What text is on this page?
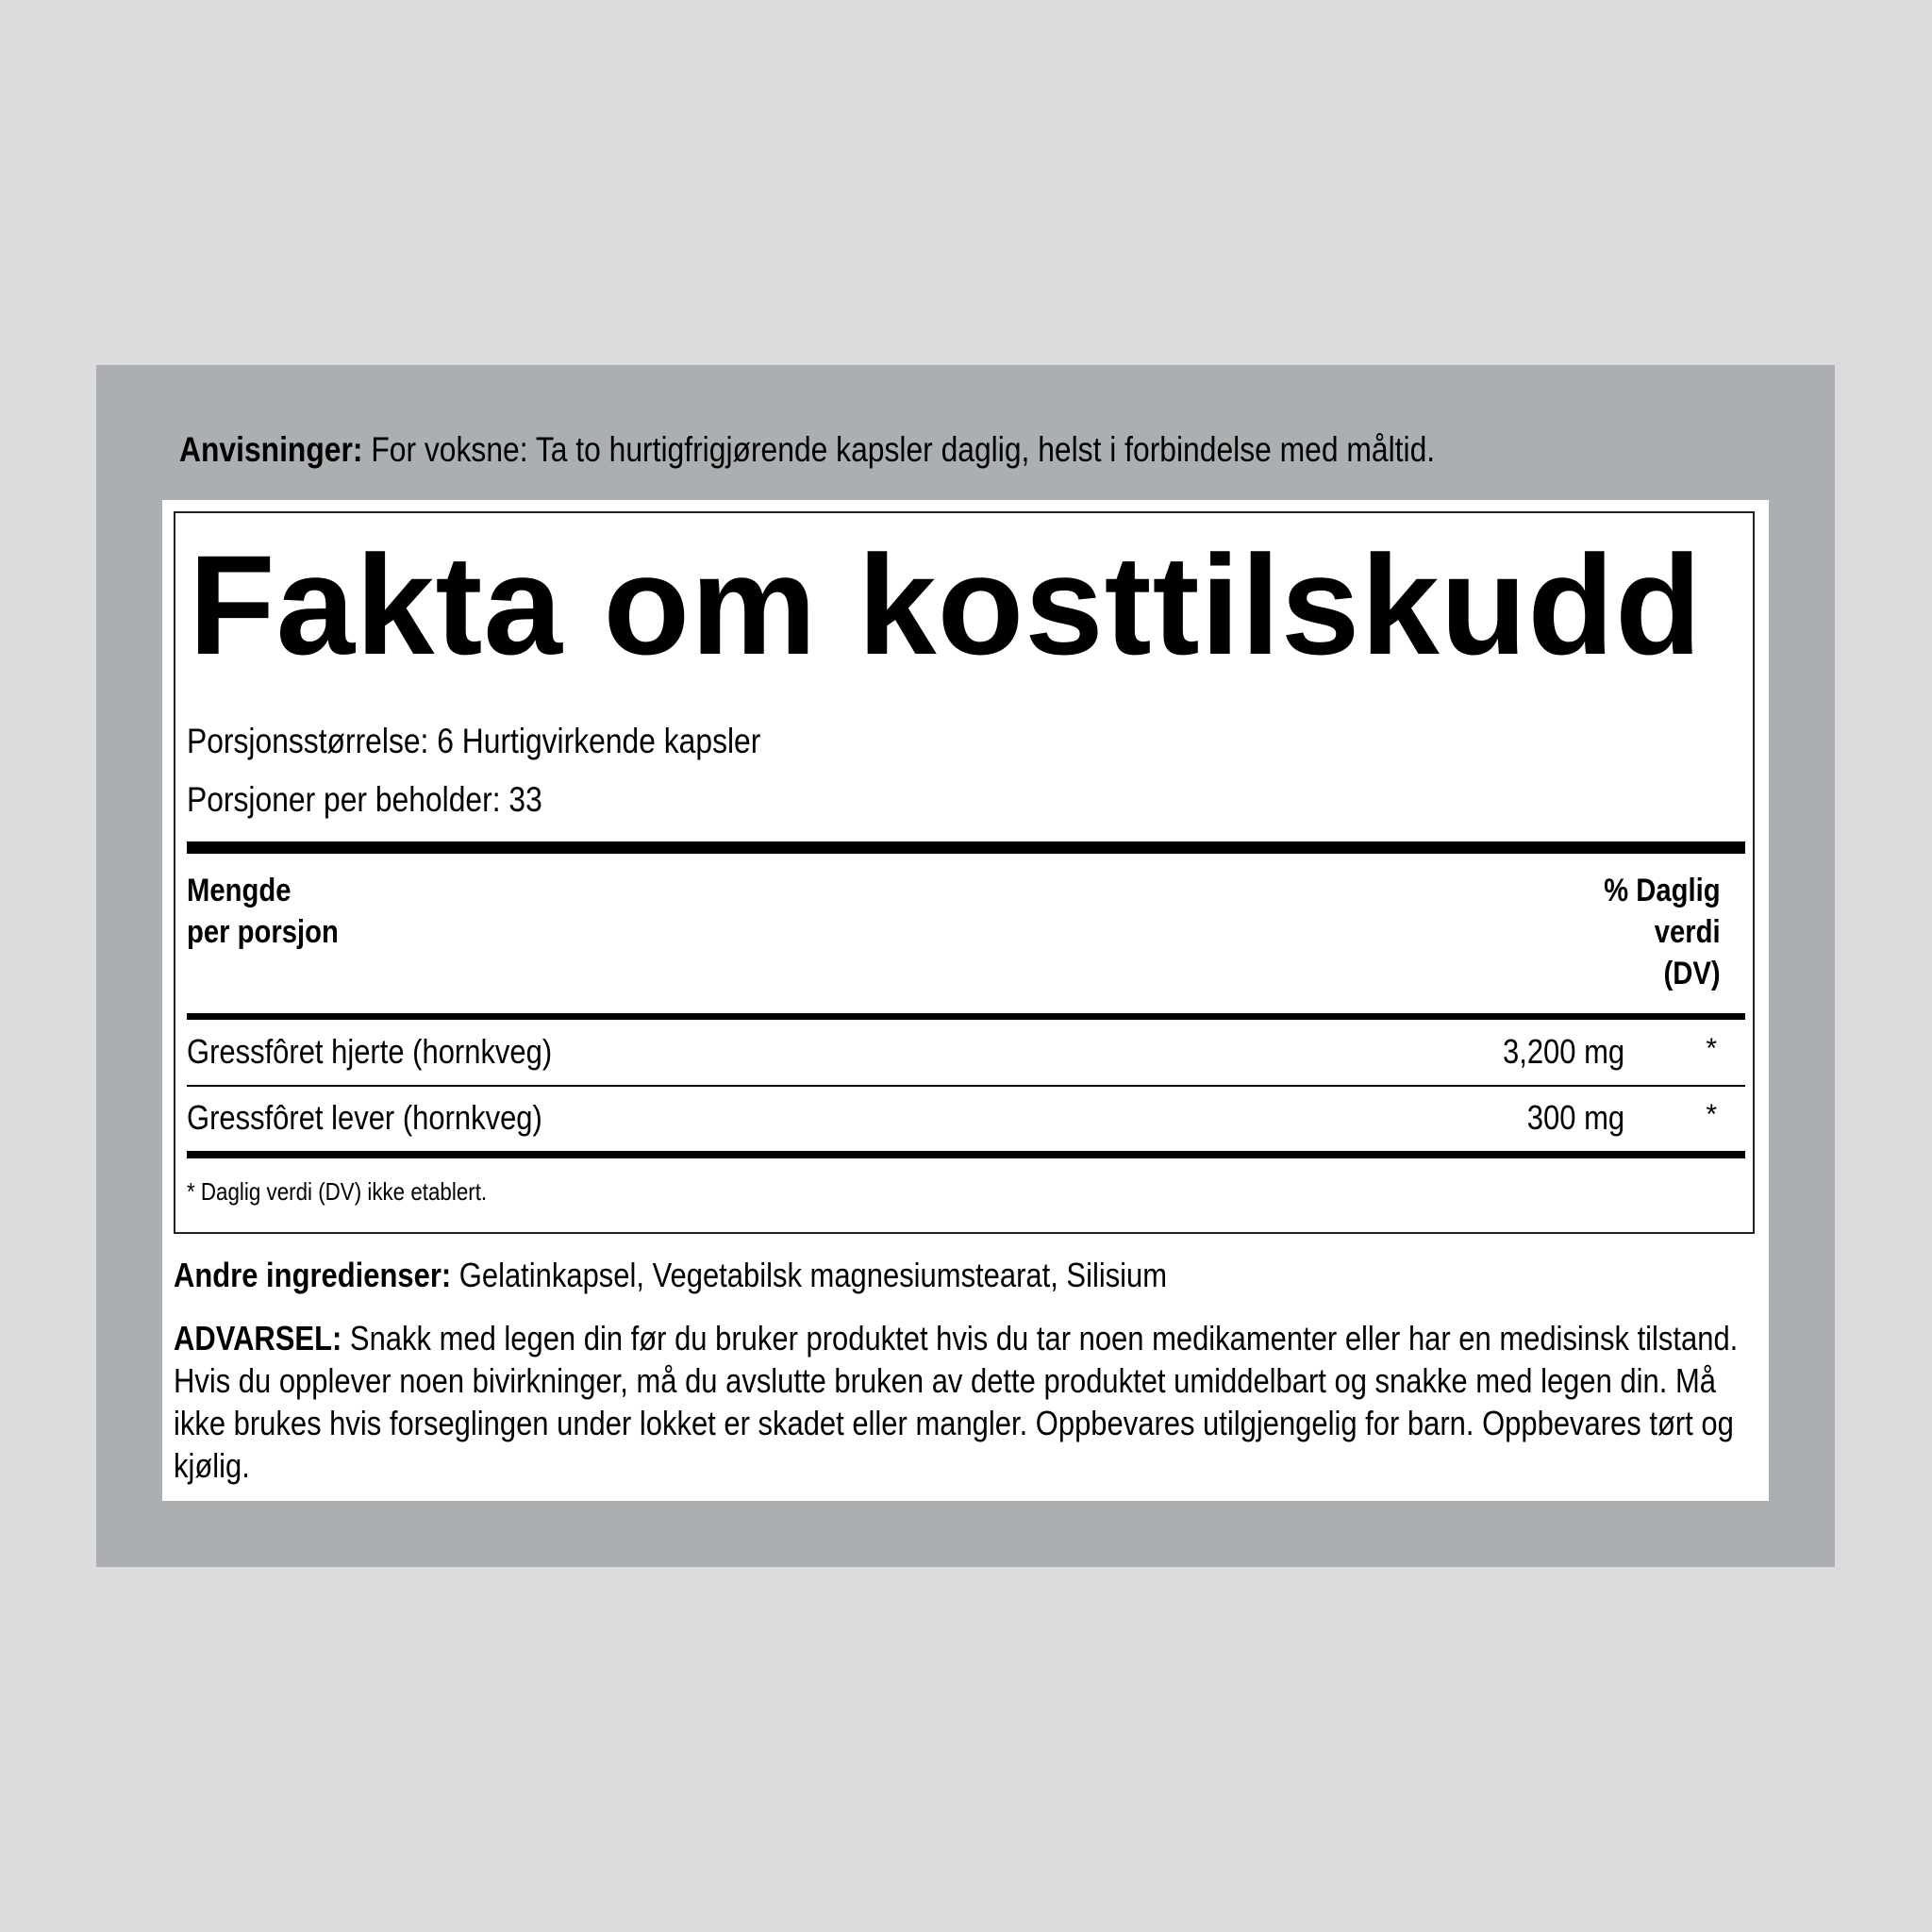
Anvisninger: For voksne: Ta to hurtigfrigjørende kapsler daglig, helst i forbindelse med måltid.
Fakta om kosttilskudd
Porsjonsstørrelse: 6 Hurtigvirkende kapsler
Porsjoner per beholder: 33
Mengde
per porsjon
% Daglig
verdi
(DV)
Gressfôret hjerte (hornkveg)	3,200 mg	*
Gressfôret lever (hornkveg)	300 mg	*
* Daglig verdi (DV) ikke etablert.
Andre ingredienser: Gelatinkapsel, Vegetabilsk magnesiumstearat, Silisium
ADVARSEL: Snakk med legen din før du bruker produktet hvis du tar noen medikamenter eller har en medisinsk tilstand. Hvis du opplever noen bivirkninger, må du avslutte bruken av dette produktet umiddelbart og snakke med legen din. Må ikke brukes hvis forseglingen under lokket er skadet eller mangler. Oppbevares utilgjengelig for barn. Oppbevares tørt og kjølig.
